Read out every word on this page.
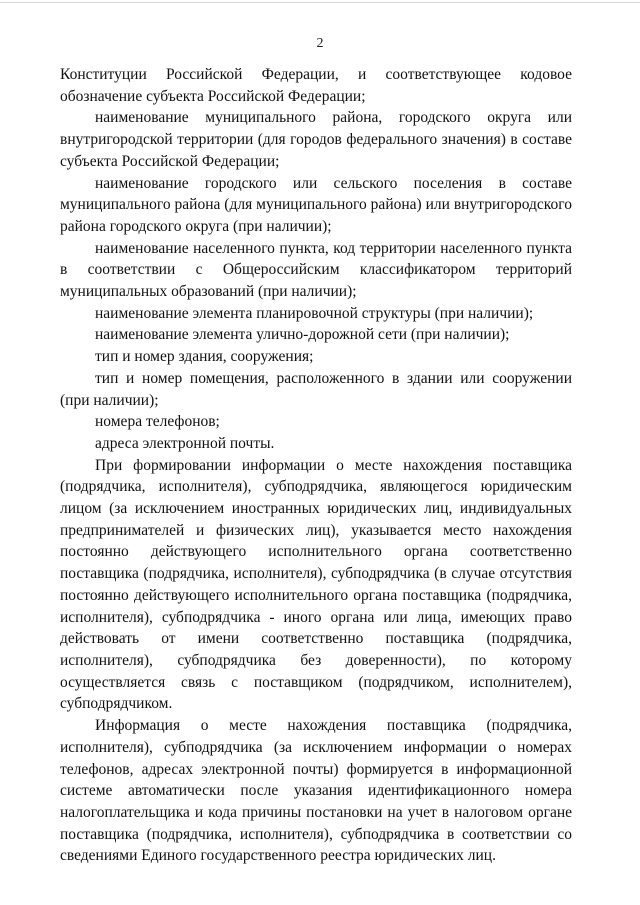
2

Конституции Российской Федерации, и соответствующее кодовое обозначение субъекта Российской Федерации;

наименование муниципального района, городского округа или внутригородской территории (для городов федерального значения) в составе субъекта Российской Федерации;

наименование городского или сельского поселения в составе муниципального района (для муниципального района) или внутригородского района городского округа (при наличии);

наименование населенного пункта, код территории населенного пункта в соответствии с Общероссийским классификатором территорий муниципальных образований (при наличии);

наименование элемента планировочной структуры (при наличии);

наименование элемента улично-дорожной сети (при наличии);

тип и номер здания, сооружения;

тип и номер помещения, расположенного в здании или сооружении (при наличии);

номера телефонов;

адреса электронной почты.

При формировании информации о месте нахождения поставщика (подрядчика, исполнителя), субподрядчика, являющегося юридическим лицом (за исключением иностранных юридических лиц, индивидуальных предпринимателей и физических лиц), указывается место нахождения постоянно действующего исполнительного органа соответственно поставщика (подрядчика, исполнителя), субподрядчика (в случае отсутствия постоянно действующего исполнительного органа поставщика (подрядчика, исполнителя), субподрядчика - иного органа или лица, имеющих право действовать от имени соответственно поставщика (подрядчика, исполнителя), субподрядчика без доверенности), по которому осуществляется связь с поставщиком (подрядчиком, исполнителем), субподрядчиком.

Информация о месте нахождения поставщика (подрядчика, исполнителя), субподрядчика (за исключением информации о номерах телефонов, адресах электронной почты) формируется в информационной системе автоматически после указания идентификационного номера налогоплательщика и кода причины постановки на учет в налоговом органе поставщика (подрядчика, исполнителя), субподрядчика в соответствии со сведениями Единого государственного реестра юридических лиц.
